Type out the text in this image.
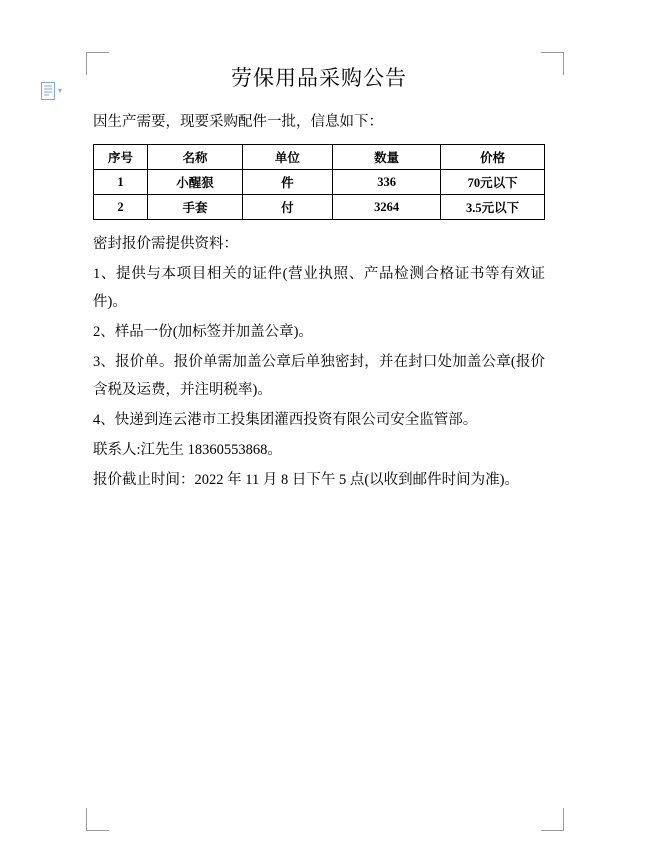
▾
劳保用品采购公告

因生产需要，现要采购配件一批，信息如下：

序号	名称	单位	数量	价格
1	小醒狠	件	336	70元以下
2	手套	付	3264	3.5元以下

密封报价需提供资料：

1、提供与本项目相关的证件(营业执照、产品检测合格证书等有效证件)。

2、样品一份(加标签并加盖公章)。

3、报价单。报价单需加盖公章后单独密封，并在封口处加盖公章(报价含税及运费，并注明税率)。

4、快递到连云港市工投集团灌西投资有限公司安全监管部。

联系人:江先生 18360553868。

报价截止时间：2022 年 11 月 8 日下午 5 点(以收到邮件时间为准)。
